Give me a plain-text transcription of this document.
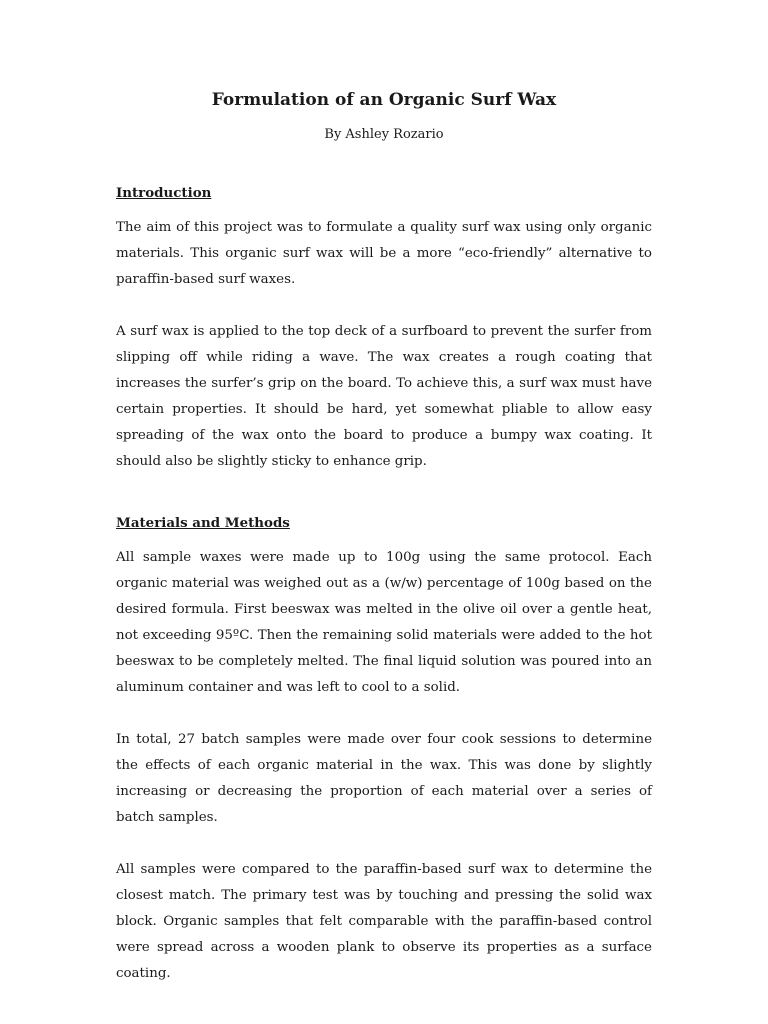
Formulation of an Organic Surf Wax

By Ashley Rozario

Introduction

The aim of this project was to formulate a quality surf wax using only organic materials. This organic surf wax will be a more “eco-friendly” alternative to paraffin-based surf waxes.

A surf wax is applied to the top deck of a surfboard to prevent the surfer from slipping off while riding a wave. The wax creates a rough coating that increases the surfer’s grip on the board. To achieve this, a surf wax must have certain properties. It should be hard, yet somewhat pliable to allow easy spreading of the wax onto the board to produce a bumpy wax coating. It should also be slightly sticky to enhance grip.

Materials and Methods

All sample waxes were made up to 100g using the same protocol. Each organic material was weighed out as a (w/w) percentage of 100g based on the desired formula. First beeswax was melted in the olive oil over a gentle heat, not exceeding 95ºC. Then the remaining solid materials were added to the hot beeswax to be completely melted. The final liquid solution was poured into an aluminum container and was left to cool to a solid.

In total, 27 batch samples were made over four cook sessions to determine the effects of each organic material in the wax. This was done by slightly increasing or decreasing the proportion of each material over a series of batch samples.

All samples were compared to the paraffin-based surf wax to determine the closest match. The primary test was by touching and pressing the solid wax block. Organic samples that felt comparable with the paraffin-based control were spread across a wooden plank to observe its properties as a surface coating.
